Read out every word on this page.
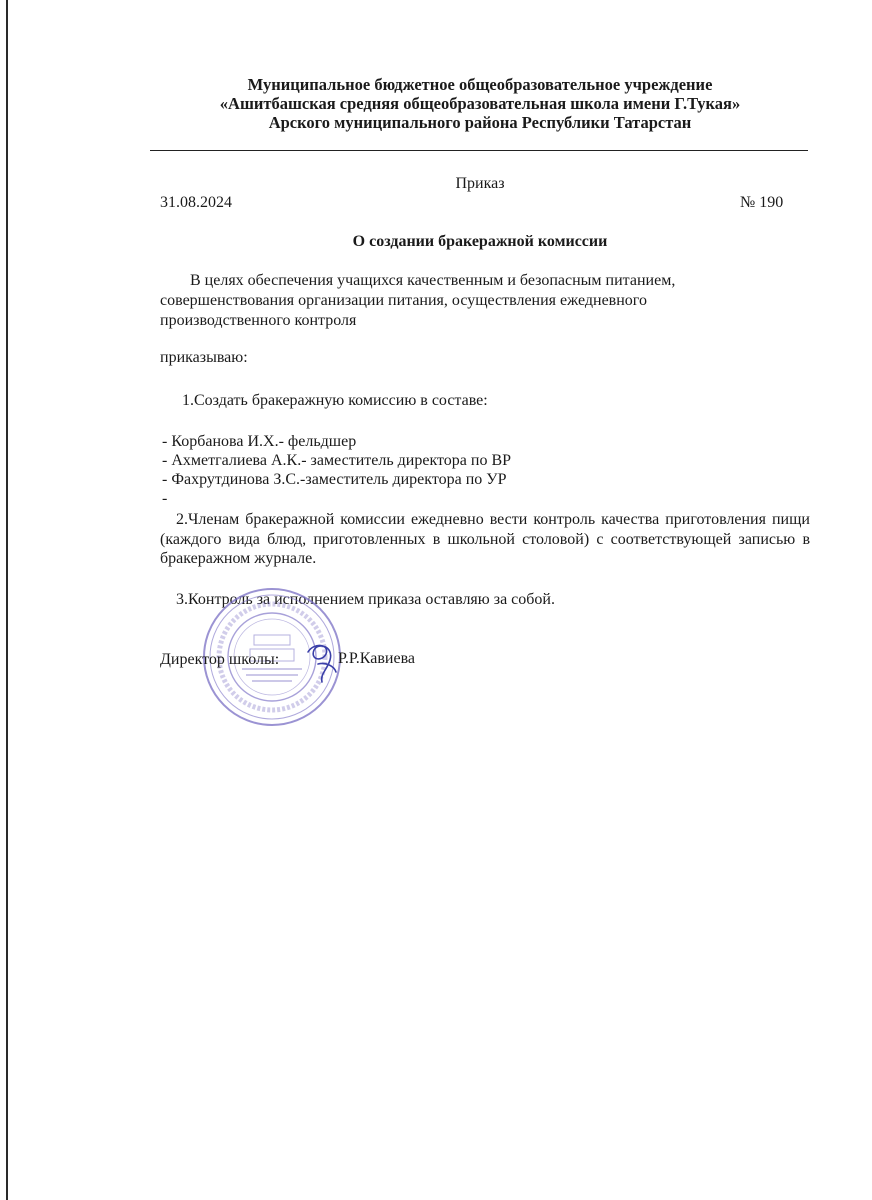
Муниципальное бюджетное общеобразовательное учреждение
«Ашитбашская средняя общеобразовательная школа имени Г.Тукая»
Арского муниципального района Республики Татарстан
Приказ
31.08.2024	№ 190
О создании бракеражной комиссии
В целях обеспечения учащихся качественным и безопасным питанием,
совершенствования организации питания, осуществления ежедневного
производственного контроля
приказываю:
1.Создать бракеражную комиссию в составе:
- Корбанова И.Х.- фельдшер
- Ахметгалиева А.К.- заместитель директора по ВР
- Фахрутдинова З.С.-заместитель директора по УР
-
2.Членам бракеражной комиссии ежедневно вести контроль качества приготовления пищи (каждого вида блюд, приготовленных в школьной столовой) с соответствующей записью в бракеражном журнале.
3.Контроль за исполнением приказа оставляю за собой.
Директор школы:	Р.Р.Кавиева
